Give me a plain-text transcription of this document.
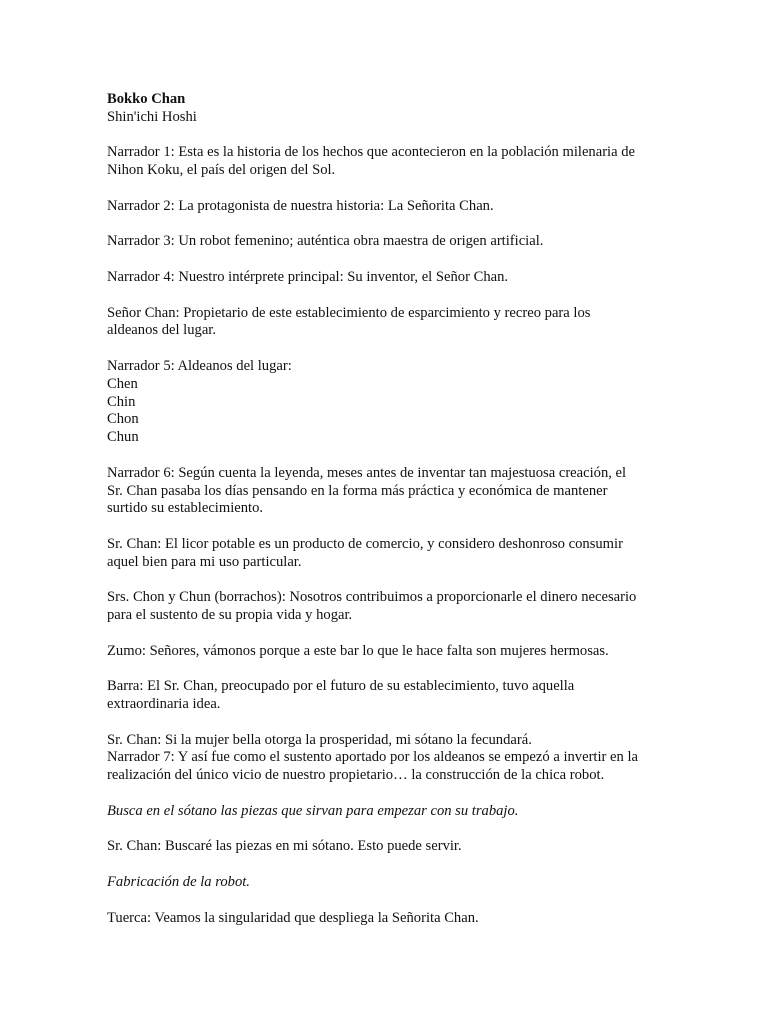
Bokko Chan
Shin'ichi Hoshi
Narrador 1: Esta es la historia de los hechos que acontecieron en la población milenaria de
Nihon Koku, el país del origen del Sol.
Narrador 2: La protagonista de nuestra historia: La Señorita Chan.
Narrador 3: Un robot femenino; auténtica obra maestra de origen artificial.
Narrador 4: Nuestro intérprete principal: Su inventor, el Señor Chan.
Señor Chan: Propietario de este establecimiento de esparcimiento y recreo para los
aldeanos del lugar.
Narrador 5: Aldeanos del lugar:
Chen
Chin
Chon
Chun
Narrador 6: Según cuenta la leyenda, meses antes de inventar tan majestuosa creación, el
Sr. Chan pasaba los días pensando en la forma más práctica y económica de mantener
surtido su establecimiento.
Sr. Chan: El licor potable es un producto de comercio, y considero deshonroso consumir
aquel bien para mi uso particular.
Srs. Chon y Chun (borrachos): Nosotros contribuimos a proporcionarle el dinero necesario
para el sustento de su propia vida y hogar.
Zumo: Señores, vámonos porque a este bar lo que le hace falta son mujeres hermosas.
Barra: El Sr. Chan, preocupado por el futuro de su establecimiento, tuvo aquella
extraordinaria idea.
Sr. Chan: Si la mujer bella otorga la prosperidad, mi sótano la fecundará.
Narrador 7: Y así fue como el sustento aportado por los aldeanos se empezó a invertir en la
realización del único vicio de nuestro propietario… la construcción de la chica robot.
Busca en el sótano las piezas que sirvan para empezar con su trabajo.
Sr. Chan: Buscaré las piezas en mi sótano. Esto puede servir.
Fabricación de la robot.
Tuerca: Veamos la singularidad que despliega la Señorita Chan.
